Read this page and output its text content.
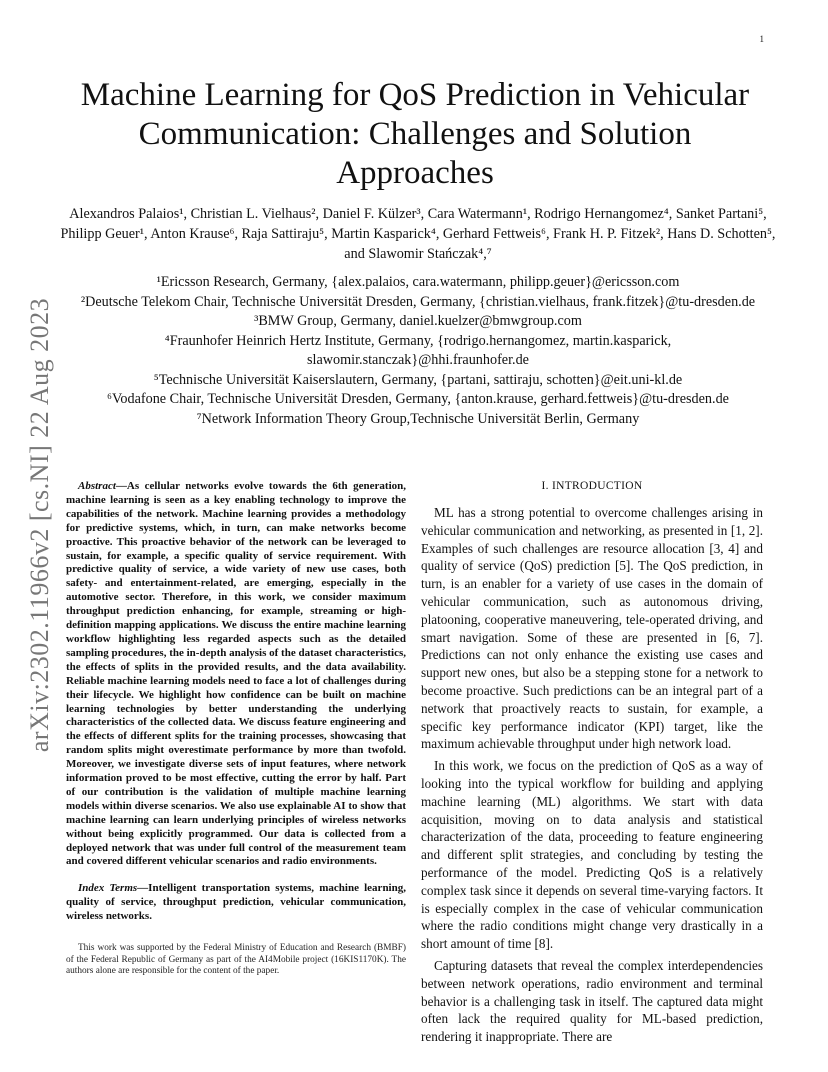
1
arXiv:2302.11966v2 [cs.NI] 22 Aug 2023
Machine Learning for QoS Prediction in Vehicular Communication: Challenges and Solution Approaches
Alexandros Palaios¹, Christian L. Vielhaus², Daniel F. Külzer³, Cara Watermann¹, Rodrigo Hernangomez⁴, Sanket Partani⁵, Philipp Geuer¹, Anton Krause⁶, Raja Sattiraju⁵, Martin Kasparick⁴, Gerhard Fettweis⁶, Frank H. P. Fitzek², Hans D. Schotten⁵, and Slawomir Stańczak⁴,⁷
¹Ericsson Research, Germany, {alex.palaios, cara.watermann, philipp.geuer}@ericsson.com
²Deutsche Telekom Chair, Technische Universität Dresden, Germany, {christian.vielhaus, frank.fitzek}@tu-dresden.de
³BMW Group, Germany, daniel.kuelzer@bmwgroup.com
⁴Fraunhofer Heinrich Hertz Institute, Germany, {rodrigo.hernangomez, martin.kasparick, slawomir.stanczak}@hhi.fraunhofer.de
⁵Technische Universität Kaiserslautern, Germany, {partani, sattiraju, schotten}@eit.uni-kl.de
⁶Vodafone Chair, Technische Universität Dresden, Germany, {anton.krause, gerhard.fettweis}@tu-dresden.de
⁷Network Information Theory Group,Technische Universität Berlin, Germany

Abstract—As cellular networks evolve towards the 6th generation, machine learning is seen as a key enabling technology to improve the capabilities of the network. Machine learning provides a methodology for predictive systems, which, in turn, can make networks become proactive. This proactive behavior of the network can be leveraged to sustain, for example, a specific quality of service requirement. With predictive quality of service, a wide variety of new use cases, both safety- and entertainment-related, are emerging, especially in the automotive sector. Therefore, in this work, we consider maximum throughput prediction enhancing, for example, streaming or high-definition mapping applications. We discuss the entire machine learning workflow highlighting less regarded aspects such as the detailed sampling procedures, the in-depth analysis of the dataset characteristics, the effects of splits in the provided results, and the data availability. Reliable machine learning models need to face a lot of challenges during their lifecycle. We highlight how confidence can be built on machine learning technologies by better understanding the underlying characteristics of the collected data. We discuss feature engineering and the effects of different splits for the training processes, showcasing that random splits might overestimate performance by more than twofold. Moreover, we investigate diverse sets of input features, where network information proved to be most effective, cutting the error by half. Part of our contribution is the validation of multiple machine learning models within diverse scenarios. We also use explainable AI to show that machine learning can learn underlying principles of wireless networks without being explicitly programmed. Our data is collected from a deployed network that was under full control of the measurement team and covered different vehicular scenarios and radio environments.

Index Terms—Intelligent transportation systems, machine learning, quality of service, throughput prediction, vehicular communication, wireless networks.

This work was supported by the Federal Ministry of Education and Research (BMBF) of the Federal Republic of Germany as part of the AI4Mobile project (16KIS1170K). The authors alone are responsible for the content of the paper.

I. INTRODUCTION

ML has a strong potential to overcome challenges arising in vehicular communication and networking, as presented in [1, 2]. Examples of such challenges are resource allocation [3, 4] and quality of service (QoS) prediction [5]. The QoS prediction, in turn, is an enabler for a variety of use cases in the domain of vehicular communication, such as autonomous driving, platooning, cooperative maneuvering, tele-operated driving, and smart navigation. Some of these are presented in [6, 7]. Predictions can not only enhance the existing use cases and support new ones, but also be a stepping stone for a network to become proactive. Such predictions can be an integral part of a network that proactively reacts to sustain, for example, a specific key performance indicator (KPI) target, like the maximum achievable throughput under high network load.

In this work, we focus on the prediction of QoS as a way of looking into the typical workflow for building and applying machine learning (ML) algorithms. We start with data acquisition, moving on to data analysis and statistical characterization of the data, proceeding to feature engineering and different split strategies, and concluding by testing the performance of the model. Predicting QoS is a relatively complex task since it depends on several time-varying factors. It is especially complex in the case of vehicular communication where the radio conditions might change very drastically in a short amount of time [8].

Capturing datasets that reveal the complex interdependencies between network operations, radio environment and terminal behavior is a challenging task in itself. The captured data might often lack the required quality for ML-based prediction, rendering it inappropriate. There are
